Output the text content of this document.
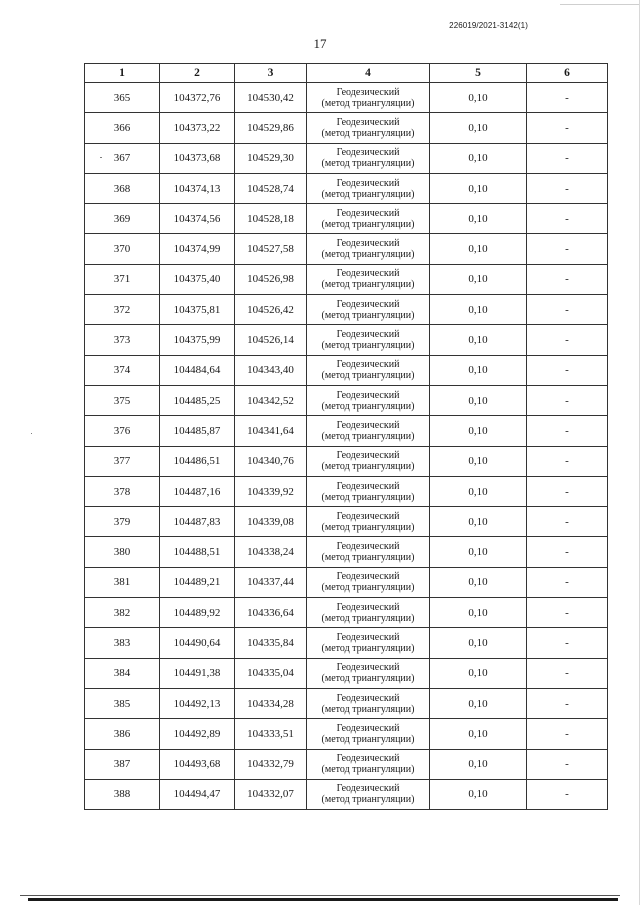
226019/2021-3142(1)
17
1	2	3	4	5	6
365	104372,76	104530,42	Геодезический
(метод триангуляции)	0,10	-
366	104373,22	104529,86	Геодезический
(метод триангуляции)	0,10	-
367	104373,68	104529,30	Геодезический
(метод триангуляции)	0,10	-
368	104374,13	104528,74	Геодезический
(метод триангуляции)	0,10	-
369	104374,56	104528,18	Геодезический
(метод триангуляции)	0,10	-
370	104374,99	104527,58	Геодезический
(метод триангуляции)	0,10	-
371	104375,40	104526,98	Геодезический
(метод триангуляции)	0,10	-
372	104375,81	104526,42	Геодезический
(метод триангуляции)	0,10	-
373	104375,99	104526,14	Геодезический
(метод триангуляции)	0,10	-
374	104484,64	104343,40	Геодезический
(метод триангуляции)	0,10	-
375	104485,25	104342,52	Геодезический
(метод триангуляции)	0,10	-
376	104485,87	104341,64	Геодезический
(метод триангуляции)	0,10	-
377	104486,51	104340,76	Геодезический
(метод триангуляции)	0,10	-
378	104487,16	104339,92	Геодезический
(метод триангуляции)	0,10	-
379	104487,83	104339,08	Геодезический
(метод триангуляции)	0,10	-
380	104488,51	104338,24	Геодезический
(метод триангуляции)	0,10	-
381	104489,21	104337,44	Геодезический
(метод триангуляции)	0,10	-
382	104489,92	104336,64	Геодезический
(метод триангуляции)	0,10	-
383	104490,64	104335,84	Геодезический
(метод триангуляции)	0,10	-
384	104491,38	104335,04	Геодезический
(метод триангуляции)	0,10	-
385	104492,13	104334,28	Геодезический
(метод триангуляции)	0,10	-
386	104492,89	104333,51	Геодезический
(метод триангуляции)	0,10	-
387	104493,68	104332,79	Геодезический
(метод триангуляции)	0,10	-
388	104494,47	104332,07	Геодезический
(метод триангуляции)	0,10	-
